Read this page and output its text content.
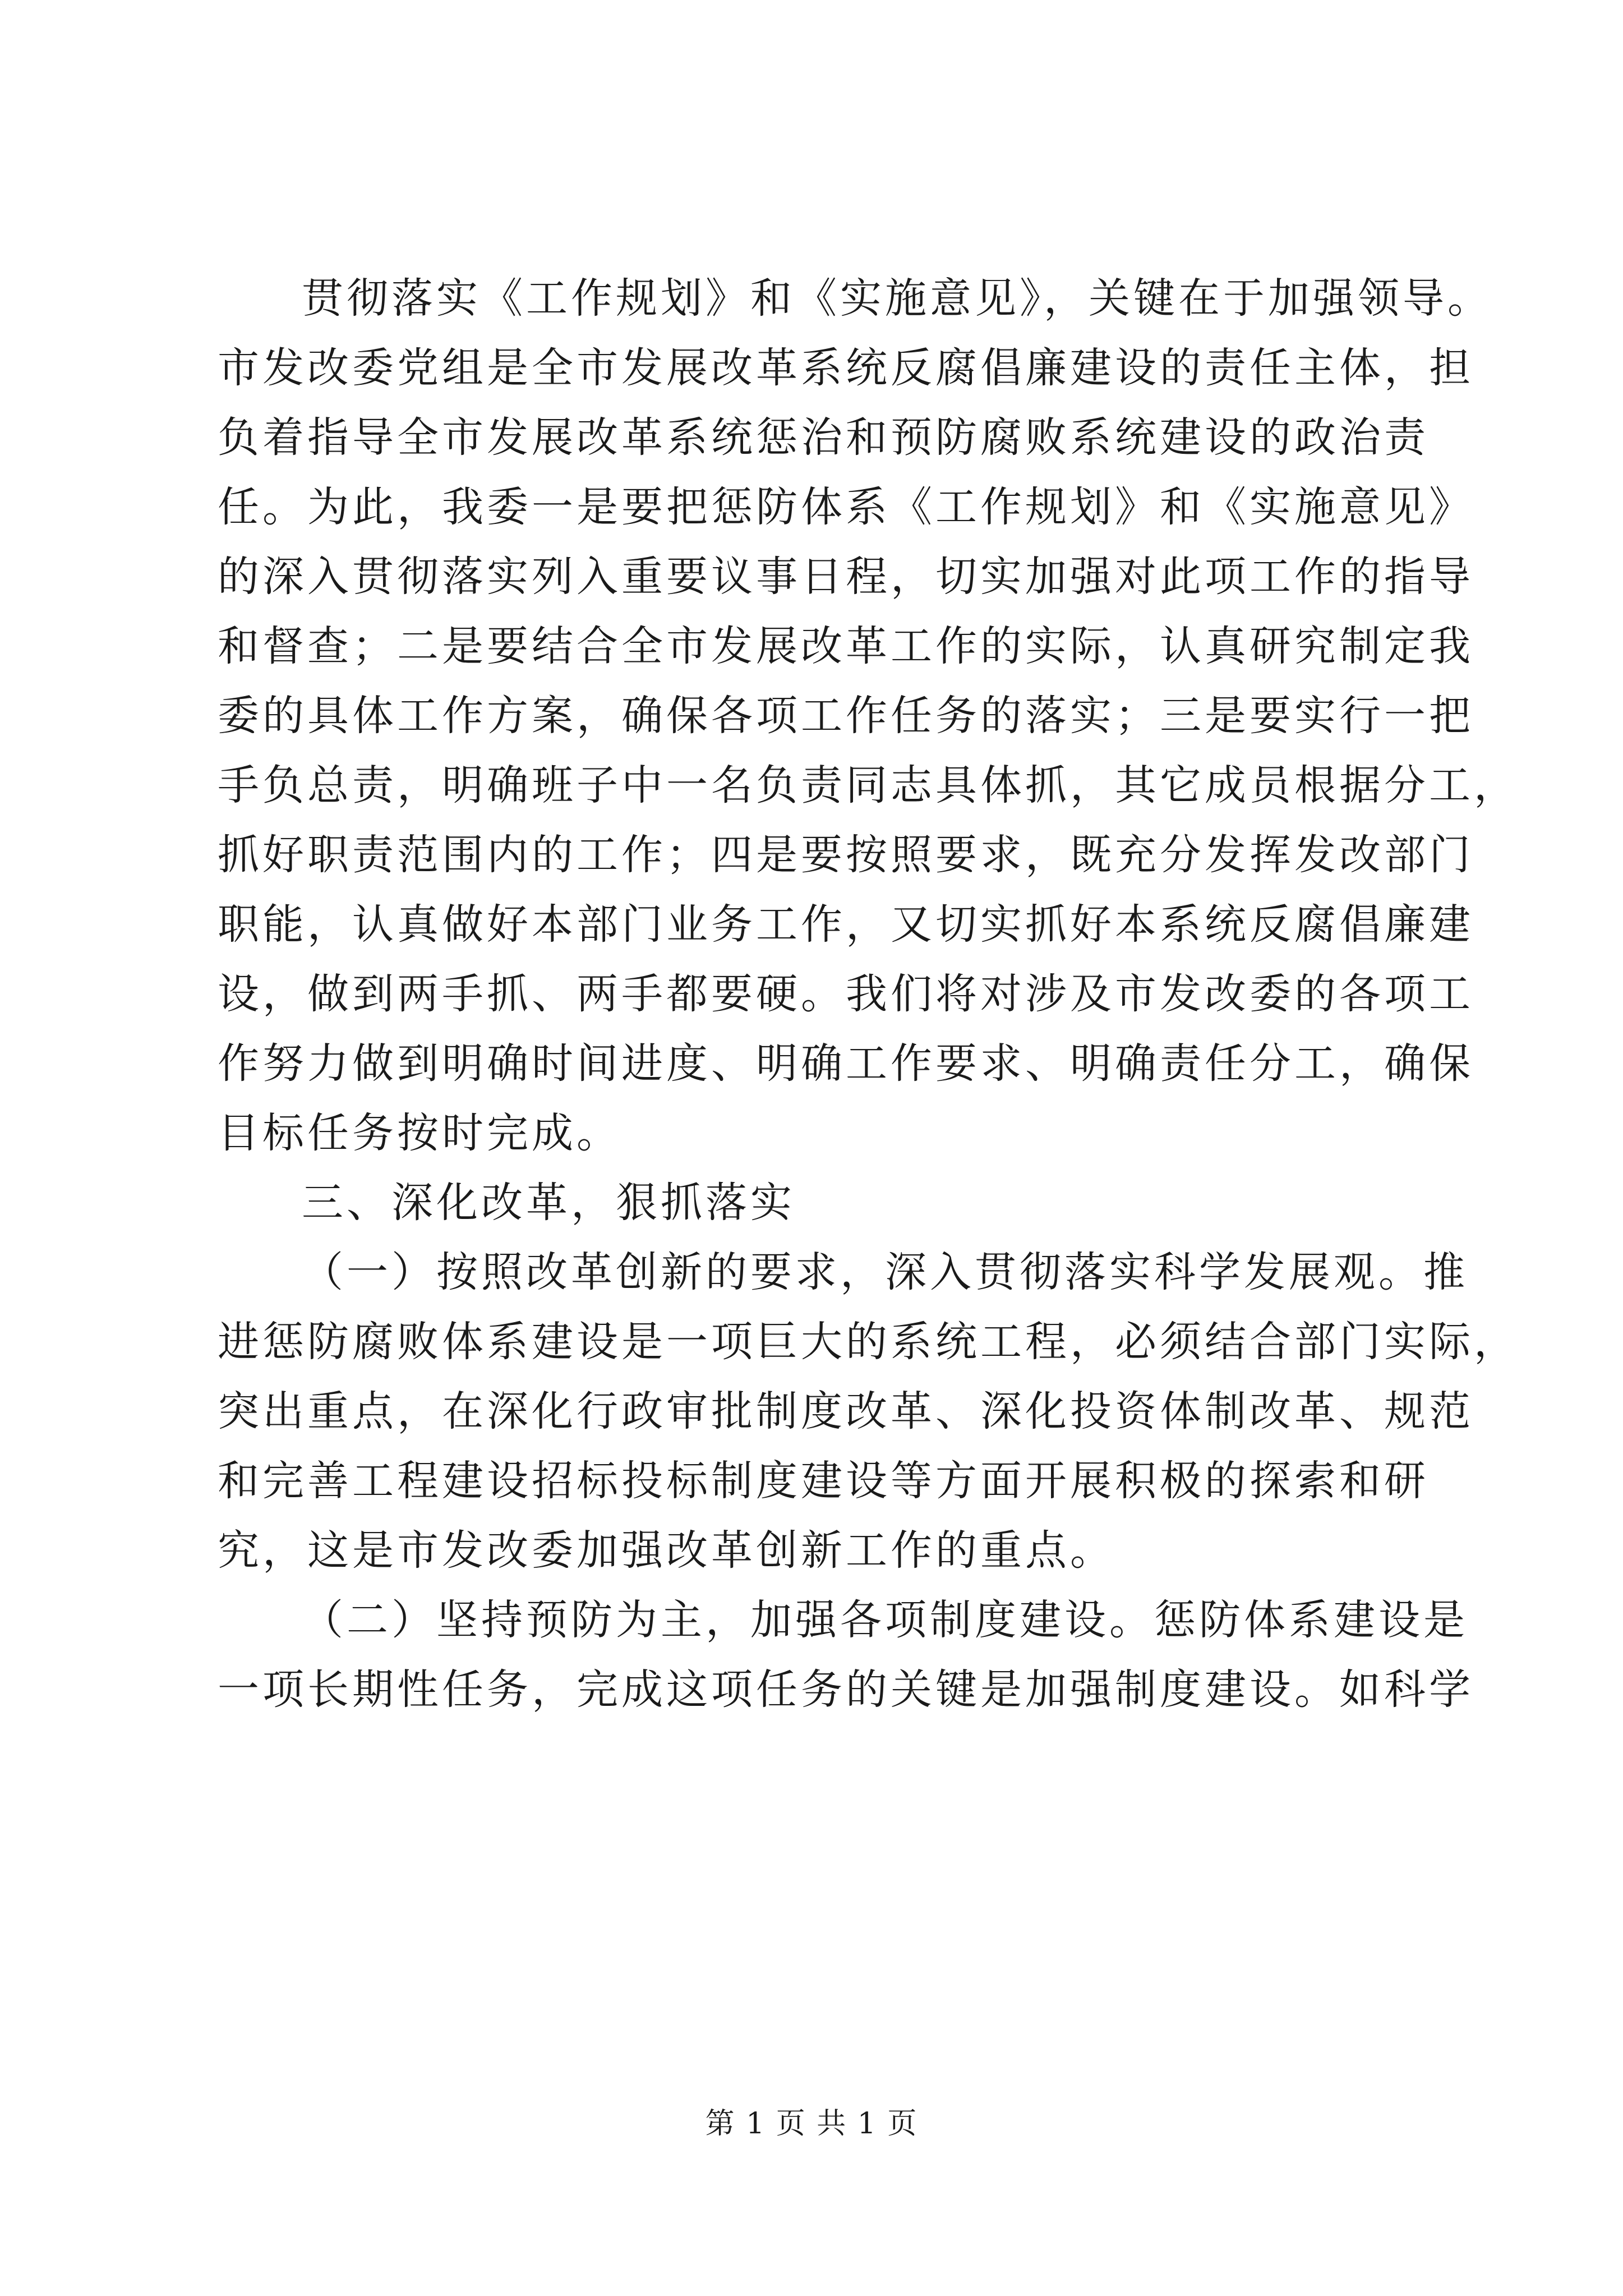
贯彻落实《工作规划》和《实施意见》，关键在于加强领导。
市发改委党组是全市发展改革系统反腐倡廉建设的责任主体，担
负着指导全市发展改革系统惩治和预防腐败系统建设的政治责
任。为此，我委一是要把惩防体系《工作规划》和《实施意见》
的深入贯彻落实列入重要议事日程，切实加强对此项工作的指导
和督查；二是要结合全市发展改革工作的实际，认真研究制定我
委的具体工作方案，确保各项工作任务的落实；三是要实行一把
手负总责，明确班子中一名负责同志具体抓，其它成员根据分工，
抓好职责范围内的工作；四是要按照要求，既充分发挥发改部门
职能，认真做好本部门业务工作，又切实抓好本系统反腐倡廉建
设，做到两手抓、两手都要硬。我们将对涉及市发改委的各项工
作努力做到明确时间进度、明确工作要求、明确责任分工，确保
目标任务按时完成。
三、深化改革，狠抓落实
（一）按照改革创新的要求，深入贯彻落实科学发展观。推
进惩防腐败体系建设是一项巨大的系统工程，必须结合部门实际，
突出重点，在深化行政审批制度改革、深化投资体制改革、规范
和完善工程建设招标投标制度建设等方面开展积极的探索和研
究，这是市发改委加强改革创新工作的重点。
（二）坚持预防为主，加强各项制度建设。惩防体系建设是
一项长期性任务，完成这项任务的关键是加强制度建设。如科学
第 1 页 共 1 页
